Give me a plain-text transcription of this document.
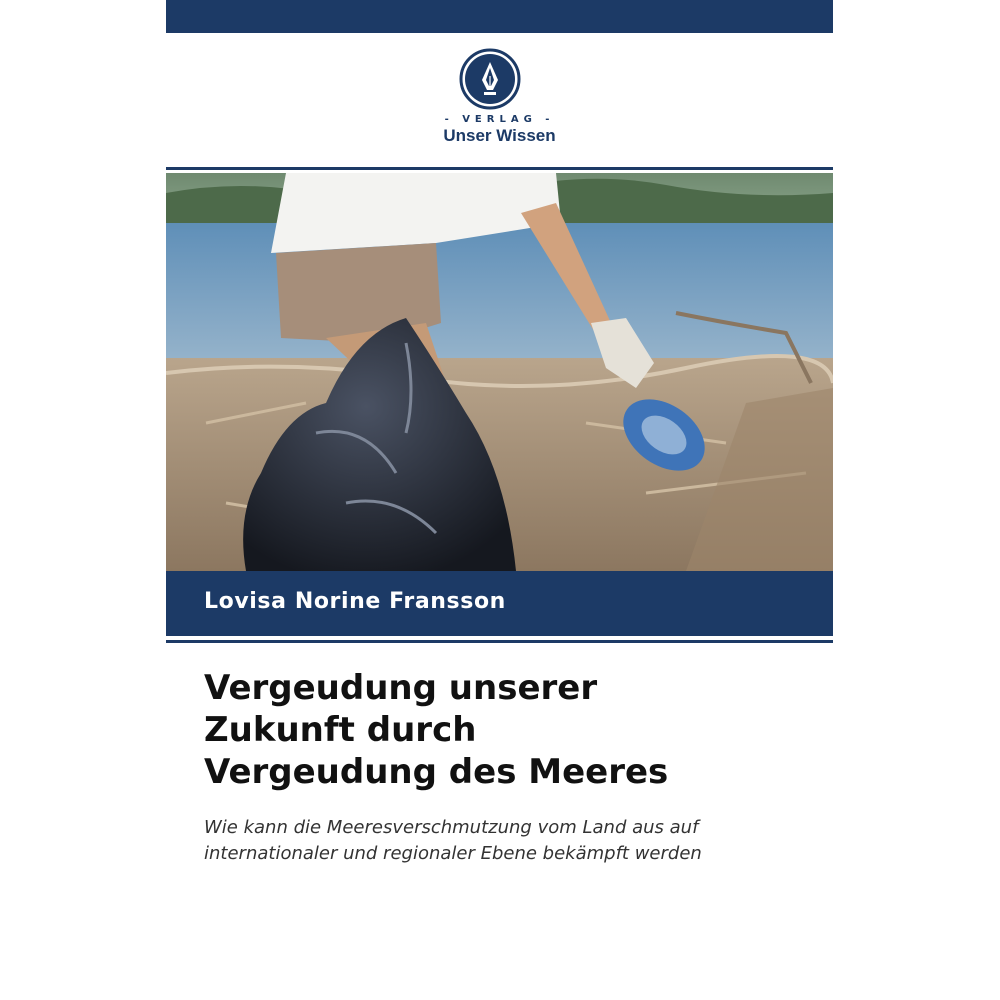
- VERLAG -
Unser Wissen
Lovisa Norine Fransson
Vergeudung unserer
Zukunft durch
Vergeudung des Meeres
Wie kann die Meeresverschmutzung vom Land aus auf
internationaler und regionaler Ebene bekämpft werden
